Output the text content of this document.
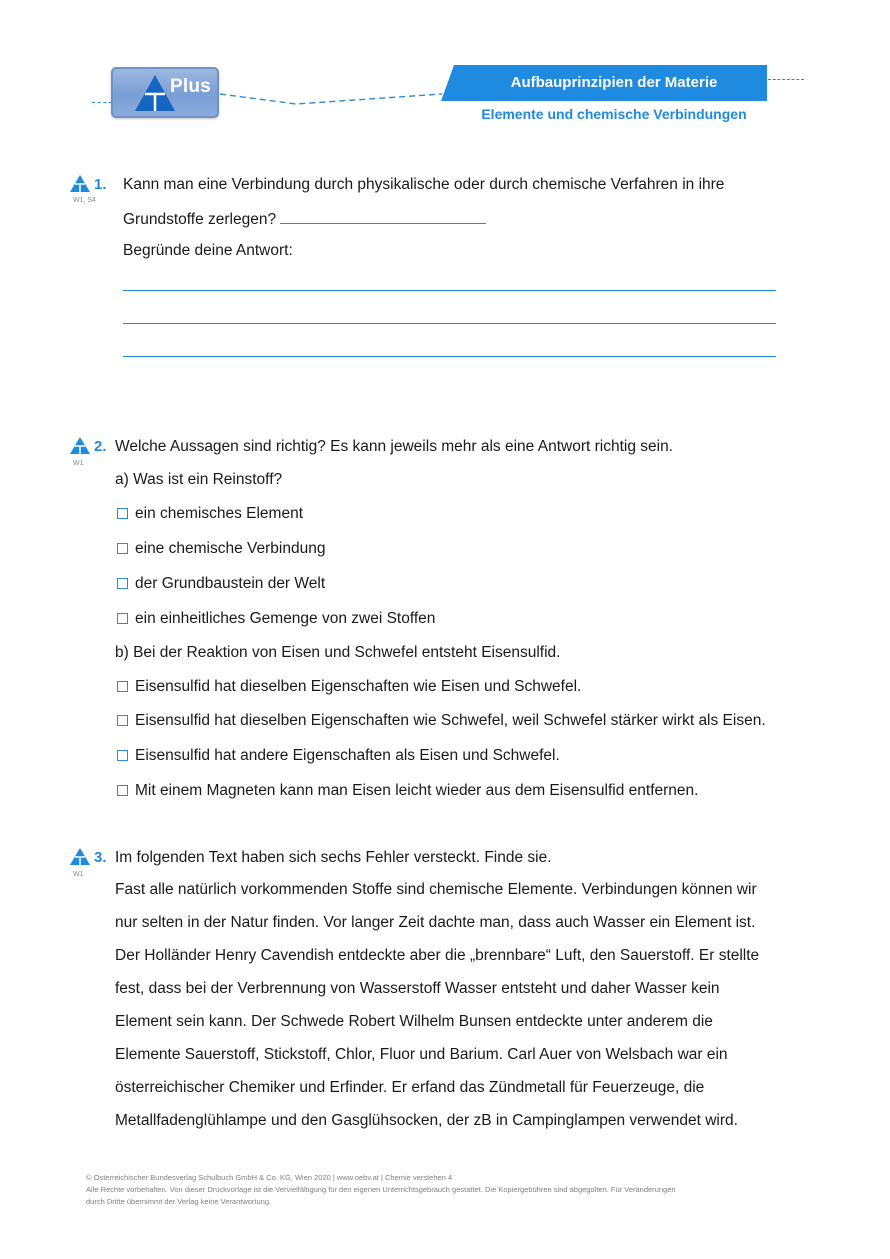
Plus	Aufbauprinzipien der Materie
Elemente und chemische Verbindungen
1.
W1, S4
Kann man eine Verbindung durch physikalische oder durch chemische Verfahren in ihre
Grundstoffe zerlegen?
Begründe deine Antwort:
2.
W1
Welche Aussagen sind richtig? Es kann jeweils mehr als eine Antwort richtig sein.
a) Was ist ein Reinstoff?
ein chemisches Element
eine chemische Verbindung
der Grundbaustein der Welt
ein einheitliches Gemenge von zwei Stoffen
b) Bei der Reaktion von Eisen und Schwefel entsteht Eisensulfid.
Eisensulfid hat dieselben Eigenschaften wie Eisen und Schwefel.
Eisensulfid hat dieselben Eigenschaften wie Schwefel, weil Schwefel stärker wirkt als Eisen.
Eisensulfid hat andere Eigenschaften als Eisen und Schwefel.
Mit einem Magneten kann man Eisen leicht wieder aus dem Eisensulfid entfernen.
3.
W1
Im folgenden Text haben sich sechs Fehler versteckt. Finde sie.
Fast alle natürlich vorkommenden Stoffe sind chemische Elemente. Verbindungen können wir
nur selten in der Natur finden. Vor langer Zeit dachte man, dass auch Wasser ein Element ist.
Der Holländer Henry Cavendish entdeckte aber die „brennbare“ Luft, den Sauerstoff. Er stellte
fest, dass bei der Verbrennung von Wasserstoff Wasser entsteht und daher Wasser kein
Element sein kann. Der Schwede Robert Wilhelm Bunsen entdeckte unter anderem die
Elemente Sauerstoff, Stickstoff, Chlor, Fluor und Barium. Carl Auer von Welsbach war ein
österreichischer Chemiker und Erfinder. Er erfand das Zündmetall für Feuerzeuge, die
Metallfadenglühlampe und den Gasglühsocken, der zB in Campinglampen verwendet wird.
© Österreichischer Bundesverlag Schulbuch GmbH & Co. KG, Wien 2020 | www.oebv.at | Chemie verstehen 4
Alle Rechte vorbehalten. Von dieser Druckvorlage ist die Vervielfältigung für den eigenen Unterrichtsgebrauch gestattet. Die Kopiergebühren sind abgegolten. Für Veränderungen
durch Dritte übernimmt der Verlag keine Verantwortung.
